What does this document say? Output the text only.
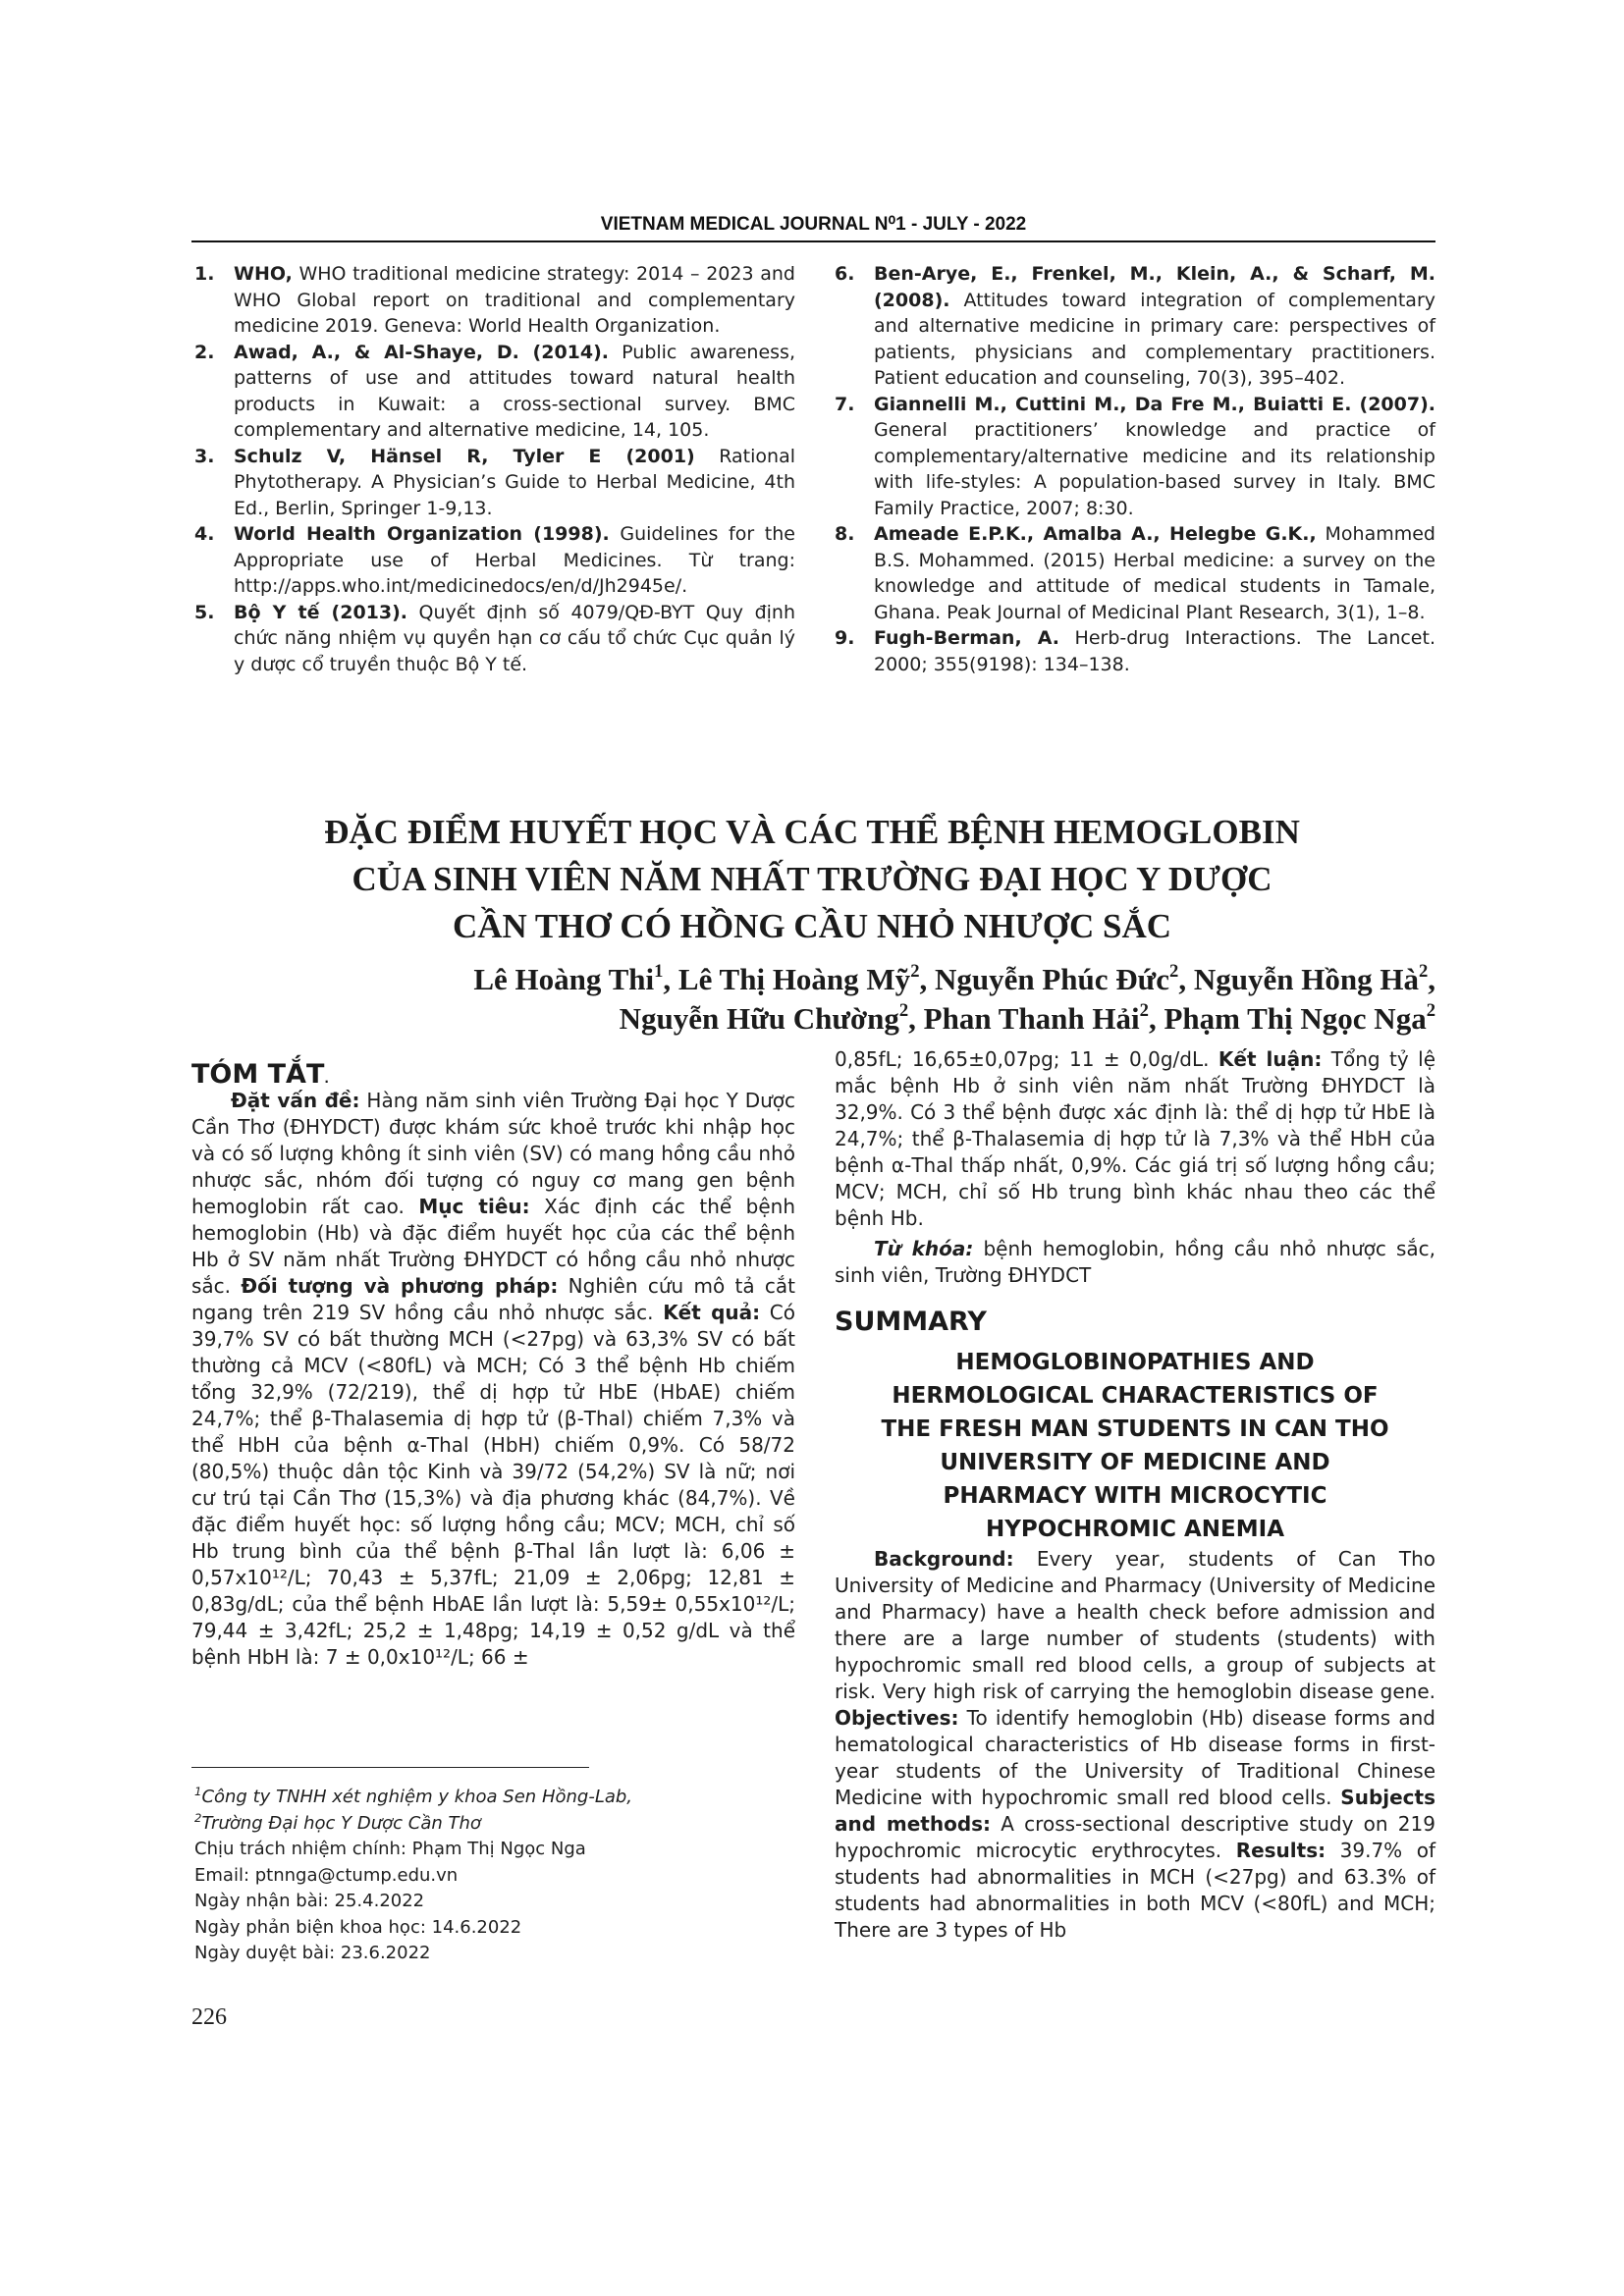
VIETNAM MEDICAL JOURNAL N⁰1 - JULY - 2022
1.	WHO, WHO traditional medicine strategy: 2014 – 2023 and WHO Global report on traditional and complementary medicine 2019. Geneva: World Health Organization.
2.	Awad, A., & Al-Shaye, D. (2014). Public awareness, patterns of use and attitudes toward natural health products in Kuwait: a cross-sectional survey. BMC complementary and alternative medicine, 14, 105.
3.	Schulz V, Hänsel R, Tyler E (2001) Rational Phytotherapy. A Physician’s Guide to Herbal Medicine, 4th Ed., Berlin, Springer 1-9,13.
4.	World Health Organization (1998). Guidelines for the Appropriate use of Herbal Medicines. Từ trang: http://apps.who.int/medicinedocs/en/d/Jh2945e/.
5.	Bộ Y tế (2013). Quyết định số 4079/QĐ-BYT Quy định chức năng nhiệm vụ quyền hạn cơ cấu tổ chức Cục quản lý y dược cổ truyền thuộc Bộ Y tế.
6.	Ben-Arye, E., Frenkel, M., Klein, A., & Scharf, M. (2008). Attitudes toward integration of complementary and alternative medicine in primary care: perspectives of patients, physicians and complementary practitioners. Patient education and counseling, 70(3), 395–402.
7.	Giannelli M., Cuttini M., Da Fre M., Buiatti E. (2007). General practitioners’ knowledge and practice of complementary/alternative medicine and its relationship with life-styles: A population-based survey in Italy. BMC Family Practice, 2007; 8:30.
8.	Ameade E.P.K., Amalba A., Helegbe G.K., Mohammed B.S. Mohammed. (2015) Herbal medicine: a survey on the knowledge and attitude of medical students in Tamale, Ghana. Peak Journal of Medicinal Plant Research, 3(1), 1–8.
9.	Fugh-Berman, A. Herb-drug Interactions. The Lancet. 2000; 355(9198): 134–138.
ĐẶC ĐIỂM HUYẾT HỌC VÀ CÁC THỂ BỆNH HEMOGLOBIN
CỦA SINH VIÊN NĂM NHẤT TRƯỜNG ĐẠI HỌC Y DƯỢC
CẦN THƠ CÓ HỒNG CẦU NHỎ NHƯỢC SẮC
Lê Hoàng Thi$^1$, Lê Thị Hoàng Mỹ$^2$, Nguyễn Phúc Đức$^2$, Nguyễn Hồng $Hà^2$,
Nguyễn Hữu Chường$^2$, Phan Thanh Hải$^2$, Phạm Thị Ngọc Nga$^2$
TÓM TẮT.

Đặt vấn đề: Hàng năm sinh viên Trường Đại học Y Dược Cần Thơ (ĐHYDCT) được khám sức khoẻ trước khi nhập học và có số lượng không ít sinh viên (SV) có mang hồng cầu nhỏ nhược sắc, nhóm đối tượng có nguy cơ mang gen bệnh hemoglobin rất cao. Mục tiêu: Xác định các thể bệnh hemoglobin (Hb) và đặc điểm huyết học của các thể bệnh Hb ở SV năm nhất Trường ĐHYDCT có hồng cầu nhỏ nhược sắc. Đối tượng và phương pháp: Nghiên cứu mô tả cắt ngang trên 219 SV hồng cầu nhỏ nhược sắc. Kết quả: Có 39,7% SV có bất thường MCH (<27pg) và 63,3% SV có bất thường cả MCV (<80fL) và MCH; Có 3 thể bệnh Hb chiếm tổng 32,9% (72/219), thể dị hợp tử HbE (HbAE) chiếm 24,7%; thể β-Thalasemia dị hợp tử (β-Thal) chiếm 7,3% và thể HbH của bệnh α-Thal (HbH) chiếm 0,9%. Có 58/72 (80,5%) thuộc dân tộc Kinh và 39/72 (54,2%) SV là nữ; nơi cư trú tại Cần Thơ (15,3%) và địa phương khác (84,7%). Về đặc điểm huyết học: số lượng hồng cầu; MCV; MCH, chỉ số Hb trung bình của thể bệnh β-Thal lần lượt là: 6,06 ± 0,57x10¹²/L; 70,43 ± 5,37fL; 21,09 ± 2,06pg; 12,81 ± 0,83g/dL; của thể bệnh HbAE lần lượt là: 5,59± 0,55x10¹²/L; 79,44 ± 3,42fL; 25,2 ± 1,48pg; 14,19 ± 0,52 g/dL và thể bệnh HbH là: 7 ± 0,0x10¹²/L; 66 ±

$^1$Công ty TNHH xét nghiệm y khoa Sen Hồng-Lab,
$^2$Trường Đại học Y Dược Cần Thơ
Chịu trách nhiệm chính: Phạm Thị Ngọc Nga
Email: ptnnga@ctump.edu.vn
Ngày nhận bài: 25.4.2022
Ngày phản biện khoa học: 14.6.2022
Ngày duyệt bài: 23.6.2022
226

0,85fL; 16,65±0,07pg; 11 ± 0,0g/dL. Kết luận: Tổng tỷ lệ mắc bệnh Hb ở sinh viên năm nhất Trường ĐHYDCT là 32,9%. Có 3 thể bệnh được xác định là: thể dị hợp tử HbE là 24,7%; thể β-Thalasemia dị hợp tử là 7,3% và thể HbH của bệnh α-Thal thấp nhất, 0,9%. Các giá trị số lượng hồng cầu; MCV; MCH, chỉ số Hb trung bình khác nhau theo các thể bệnh Hb.

Từ khóa: bệnh hemoglobin, hồng cầu nhỏ nhược sắc, sinh viên, Trường ĐHYDCT

SUMMARY
HEMOGLOBINOPATHIES AND
HERMOLOGICAL CHARACTERISTICS OF
THE FRESH MAN STUDENTS IN CAN THO
UNIVERSITY OF MEDICINE AND
PHARMACY WITH MICROCYTIC
HYPOCHROMIC ANEMIA

Background: Every year, students of Can Tho University of Medicine and Pharmacy (University of Medicine and Pharmacy) have a health check before admission and there are a large number of students (students) with hypochromic small red blood cells, a group of subjects at risk. Very high risk of carrying the hemoglobin disease gene. Objectives: To identify hemoglobin (Hb) disease forms and hematological characteristics of Hb disease forms in first-year students of the University of Traditional Chinese Medicine with hypochromic small red blood cells. Subjects and methods: A cross-sectional descriptive study on 219 hypochromic microcytic erythrocytes. Results: 39.7% of students had abnormalities in MCH (<27pg) and 63.3% of students had abnormalities in both MCV (<80fL) and MCH; There are 3 types of Hb
